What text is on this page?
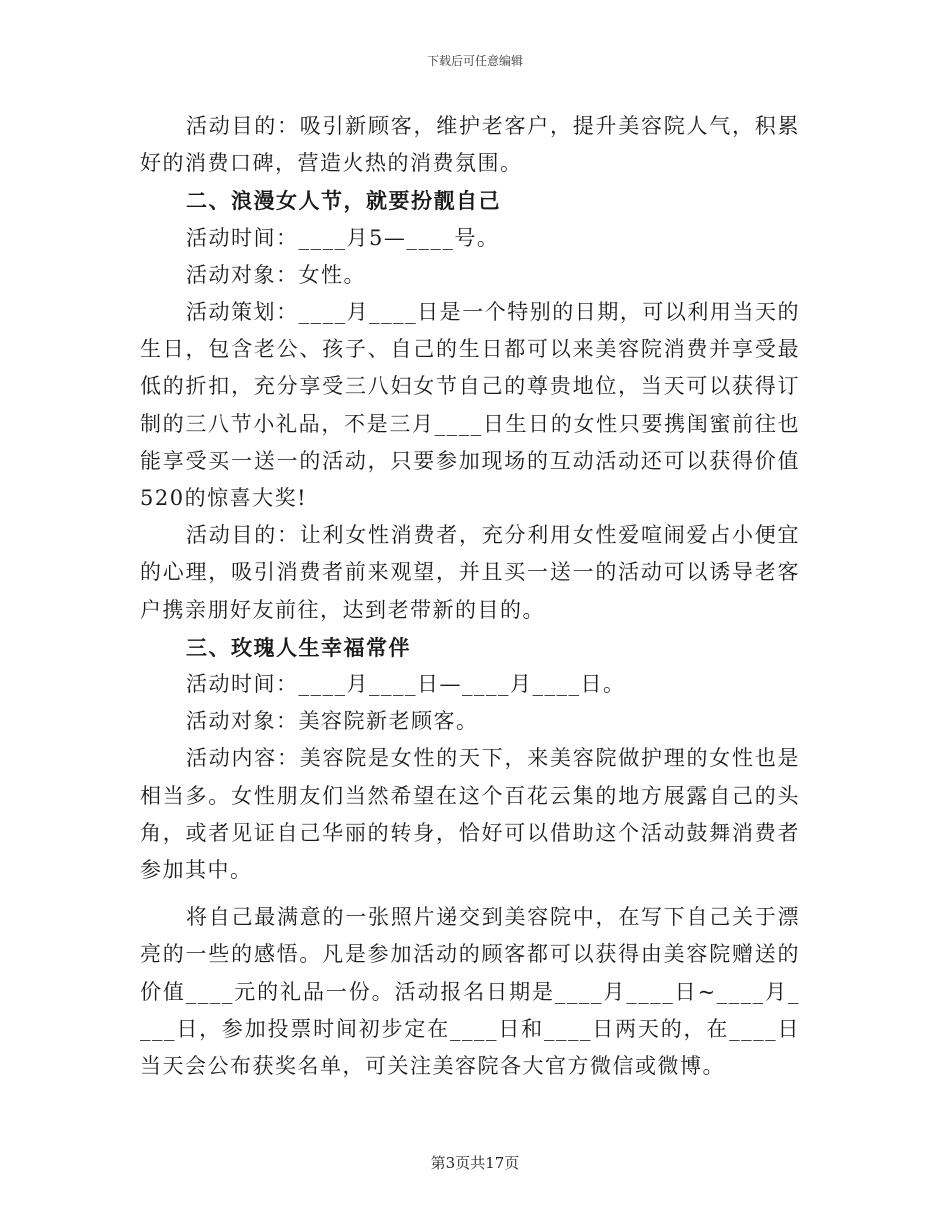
下载后可任意编辑

活动目的：吸引新顾客，维护老客户，提升美容院人气，积累好的消费口碑，营造火热的消费氛围。

二、浪漫女人节，就要扮靓自己

活动时间：____月5—____号。

活动对象：女性。

活动策划：____月____日是一个特别的日期，可以利用当天的生日，包含老公、孩子、自己的生日都可以来美容院消费并享受最低的折扣，充分享受三八妇女节自己的尊贵地位，当天可以获得订制的三八节小礼品，不是三月____日生日的女性只要携闺蜜前往也能享受买一送一的活动，只要参加现场的互动活动还可以获得价值520的惊喜大奖!

活动目的：让利女性消费者，充分利用女性爱喧闹爱占小便宜的心理，吸引消费者前来观望，并且买一送一的活动可以诱导老客户携亲朋好友前往，达到老带新的目的。

三、玫瑰人生幸福常伴

活动时间：____月____日—____月____日。

活动对象：美容院新老顾客。

活动内容：美容院是女性的天下，来美容院做护理的女性也是相当多。女性朋友们当然希望在这个百花云集的地方展露自己的头角，或者见证自己华丽的转身，恰好可以借助这个活动鼓舞消费者参加其中。

将自己最满意的一张照片递交到美容院中，在写下自己关于漂亮的一些的感悟。凡是参加活动的顾客都可以获得由美容院赠送的价值____元的礼品一份。活动报名日期是____月____日~____月____日，参加投票时间初步定在____日和____日两天的，在____日当天会公布获奖名单，可关注美容院各大官方微信或微博。

第3页共17页
